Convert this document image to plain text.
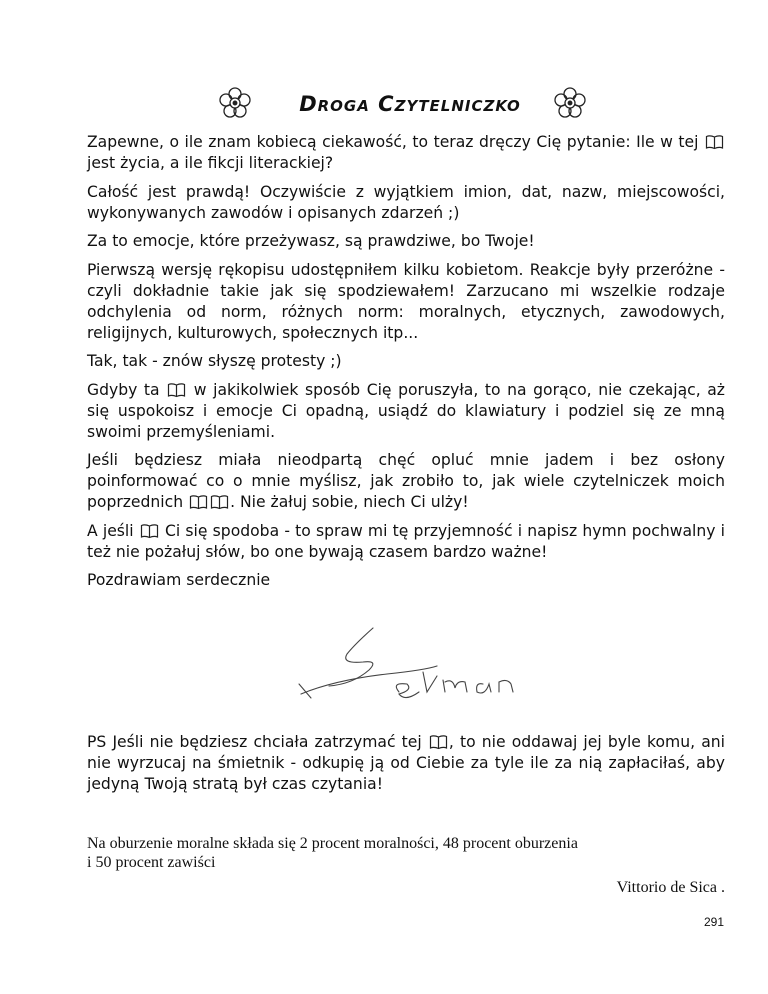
Droga Czytelniczko

Zapewne, o ile znam kobiecą ciekawość, to teraz dręczy Cię pytanie: Ile w tej  jest życia, a ile fikcji literackiej?

Całość jest prawdą! Oczywiście z wyjątkiem imion, dat, nazw, miejscowości, wykonywanych zawodów i opisanych zdarzeń ;)

Za to emocje, które przeżywasz, są prawdziwe, bo Twoje!

Pierwszą wersję rękopisu udostępniłem kilku kobietom. Reakcje były przeróżne - czyli dokładnie takie jak się spodziewałem! Zarzucano mi wszelkie rodzaje odchylenia od norm, różnych norm: moralnych, etycznych, zawodowych, religijnych, kulturowych, społecznych itp...

Tak, tak - znów słyszę protesty ;)

Gdyby ta w jakikolwiek sposób Cię poruszyła, to na gorąco, nie czekając, aż się uspokoisz i emocje Ci opadną, usiądź do klawiatury i podziel się ze mną swoimi przemyśleniami.

Jeśli będziesz miała nieodpartą chęć opluć mnie jadem i bez osłony poinformować co o mnie myślisz, jak zrobiło to, jak wiele czytelniczek moich poprzednich	. Nie żałuj sobie, niech Ci ulży!

A jeśli Ci się spodoba - to spraw mi tę przyjemność i napisz hymn pochwalny i też nie pożałuj słów, bo one bywają czasem bardzo ważne!

Pozdrawiam serdecznie

PS Jeśli nie będziesz chciała zatrzymać tej , to nie oddawaj jej byle komu, ani nie wyrzucaj na śmietnik - odkupię ją od Ciebie za tyle ile za nią zapłaciłaś, aby jedyną Twoją stratą był czas czytania!
Na oburzenie moralne składa się 2 procent moralności, 48 procent oburzenia
i 50 procent zawiści
Vittorio de Sica .
291
